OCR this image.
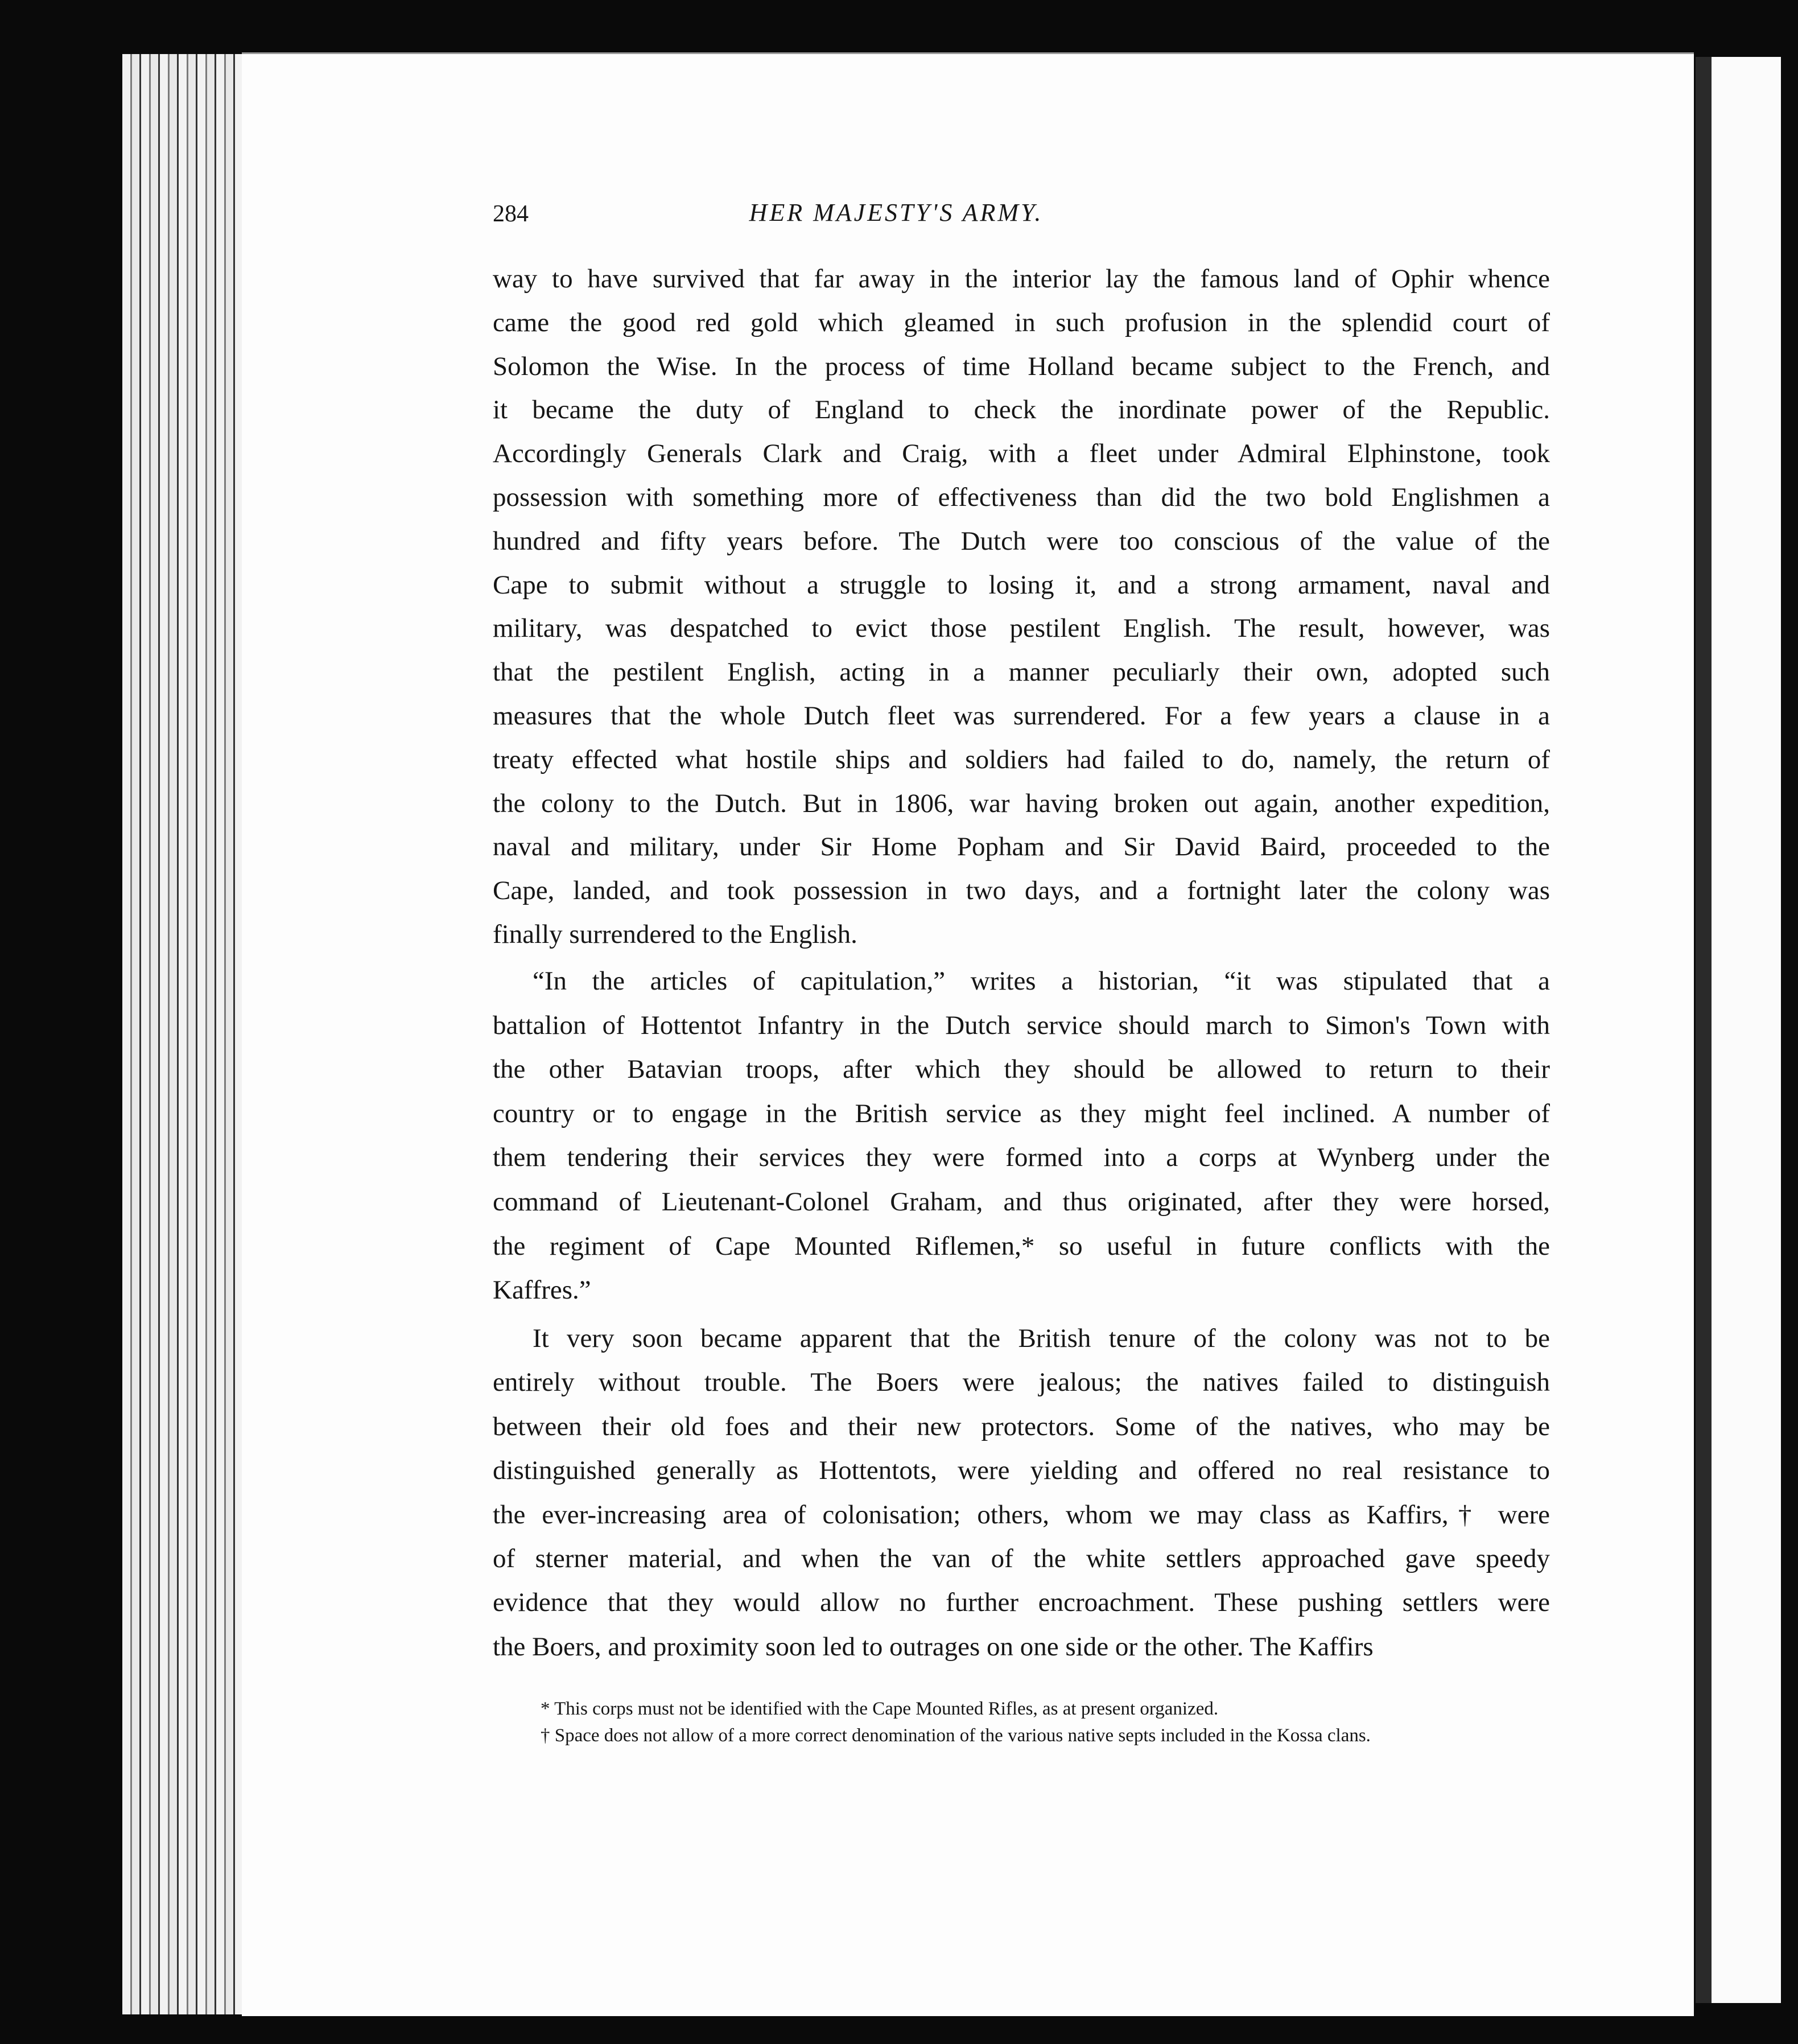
284	HER MAJESTY'S ARMY.
way to have survived that far away in the interior lay the famous land of Ophir whence
came the good red gold which gleamed in such profusion in the splendid court of
Solomon the Wise. In the process of time Holland became subject to the French, and
it became the duty of England to check the inordinate power of the Republic.
Accordingly Generals Clark and Craig, with a fleet under Admiral Elphinstone, took
possession with something more of effectiveness than did the two bold Englishmen a
hundred and fifty years before. The Dutch were too conscious of the value of the
Cape to submit without a struggle to losing it, and a strong armament, naval and
military, was despatched to evict those pestilent English. The result, however, was
that the pestilent English, acting in a manner peculiarly their own, adopted such
measures that the whole Dutch fleet was surrendered. For a few years a clause in a
treaty effected what hostile ships and soldiers had failed to do, namely, the return of
the colony to the Dutch. But in 1806, war having broken out again, another expedition,
naval and military, under Sir Home Popham and Sir David Baird, proceeded to the
Cape, landed, and took possession in two days, and a fortnight later the colony was
finally surrendered to the English.
“In the articles of capitulation,” writes a historian, “it was stipulated that a
battalion of Hottentot Infantry in the Dutch service should march to Simon's Town with
the other Batavian troops, after which they should be allowed to return to their
country or to engage in the British service as they might feel inclined. A number of
them tendering their services they were formed into a corps at Wynberg under the
command of Lieutenant-Colonel Graham, and thus originated, after they were horsed,
the regiment of Cape Mounted Riflemen,* so useful in future conflicts with the
Kaffres.”
It very soon became apparent that the British tenure of the colony was not to be
entirely without trouble. The Boers were jealous; the natives failed to distinguish
between their old foes and their new protectors. Some of the natives, who may be
distinguished generally as Hottentots, were yielding and offered no real resistance to
the ever-increasing area of colonisation; others, whom we may class as Kaffirs,† were
of sterner material, and when the van of the white settlers approached gave speedy
evidence that they would allow no further encroachment. These pushing settlers were
the Boers, and proximity soon led to outrages on one side or the other. The Kaffirs
* This corps must not be identified with the Cape Mounted Rifles, as at present organized.
† Space does not allow of a more correct denomination of the various native septs included in the Kossa clans.
